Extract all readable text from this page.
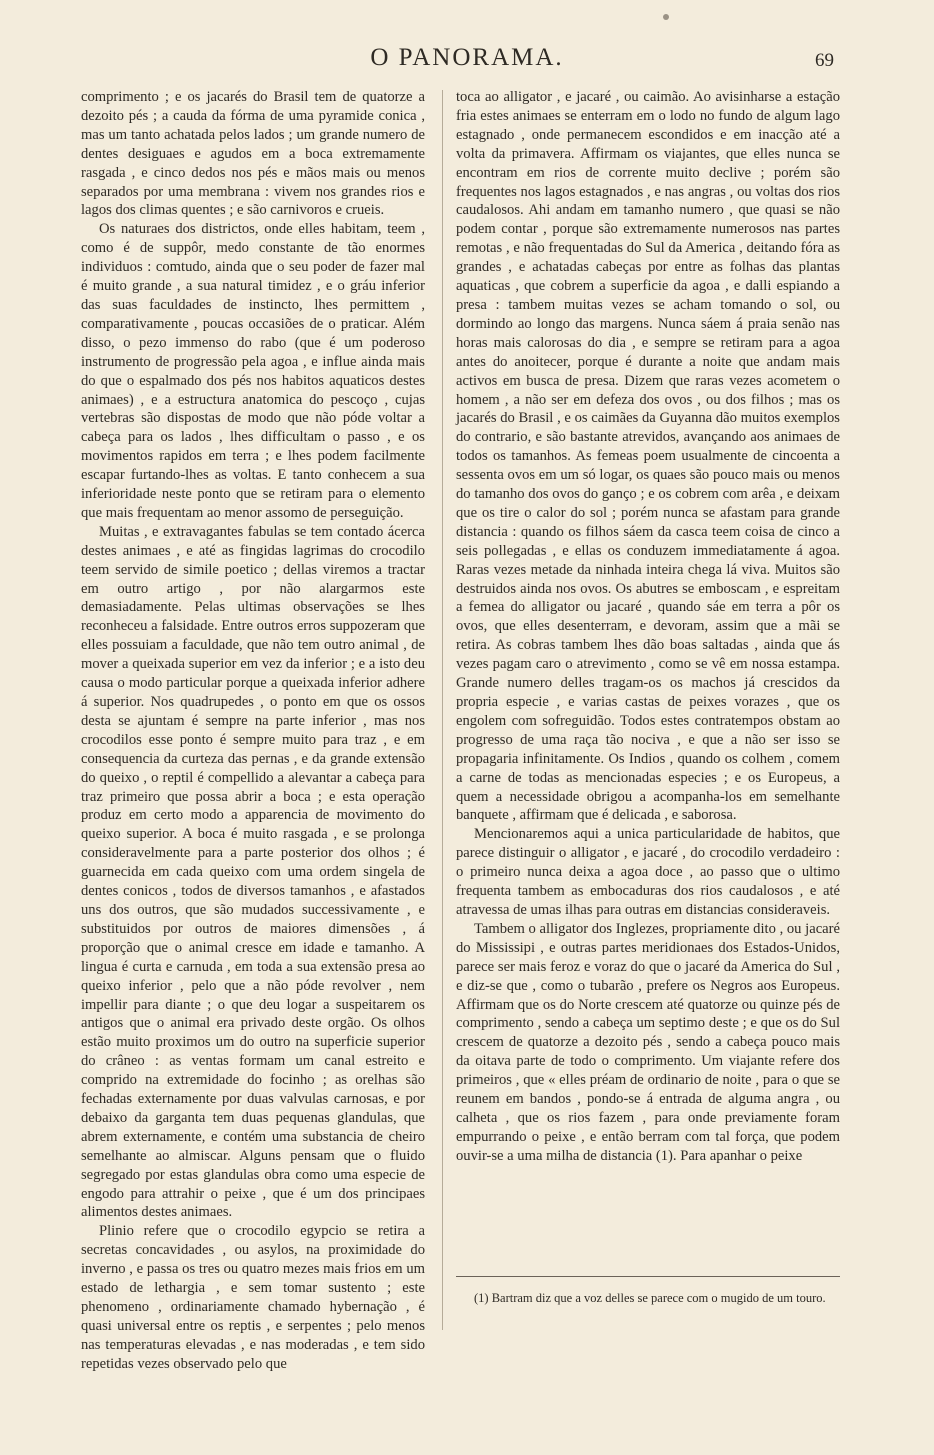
O PANORAMA.	69

comprimento ; e os jacarés do Brasil tem de quatorze a dezoito pés ; a cauda da fórma de uma pyramide conica , mas um tanto achatada pelos lados ; um grande numero de dentes desiguaes e agudos em a boca extremamente rasgada , e cinco dedos nos pés e mãos mais ou menos separados por uma membrana : vivem nos grandes rios e lagos dos climas quentes ; e são carnivoros e crueis.

Os naturaes dos districtos, onde elles habitam, teem , como é de suppôr, medo constante de tão enormes individuos : comtudo, ainda que o seu poder de fazer mal é muito grande , a sua natural timidez , e o gráu inferior das suas faculdades de instincto, lhes permittem , comparativamente , poucas occasiões de o praticar. Além disso, o pezo immenso do rabo (que é um poderoso instrumento de progressão pela agoa , e influe ainda mais do que o espalmado dos pés nos habitos aquaticos destes animaes) , e a estructura anatomica do pescoço , cujas vertebras são dispostas de modo que não póde voltar a cabeça para os lados , lhes difficultam o passo , e os movimentos rapidos em terra ; e lhes podem facilmente escapar furtando-lhes as voltas. E tanto conhecem a sua inferioridade neste ponto que se retiram para o elemento que mais frequentam ao menor assomo de perseguição.

Muitas , e extravagantes fabulas se tem contado ácerca destes animaes , e até as fingidas lagrimas do crocodilo teem servido de simile poetico ; dellas viremos a tractar em outro artigo , por não alargarmos este demasiadamente. Pelas ultimas observações se lhes reconheceu a falsidade. Entre outros erros suppozeram que elles possuiam a faculdade, que não tem outro animal , de mover a queixada superior em vez da inferior ; e a isto deu causa o modo particular porque a queixada inferior adhere á superior. Nos quadrupedes , o ponto em que os ossos desta se ajuntam é sempre na parte inferior , mas nos crocodilos esse ponto é sempre muito para traz , e em consequencia da curteza das pernas , e da grande extensão do queixo , o reptil é compellido a alevantar a cabeça para traz primeiro que possa abrir a boca ; e esta operação produz em certo modo a apparencia de movimento do queixo superior. A boca é muito rasgada , e se prolonga consideravelmente para a parte posterior dos olhos ; é guarnecida em cada queixo com uma ordem singela de dentes conicos , todos de diversos tamanhos , e afastados uns dos outros, que são mudados successivamente , e substituidos por outros de maiores dimensões , á proporção que o animal cresce em idade e tamanho. A lingua é curta e carnuda , em toda a sua extensão presa ao queixo inferior , pelo que a não póde revolver , nem impellir para diante ; o que deu logar a suspeitarem os antigos que o animal era privado deste orgão. Os olhos estão muito proximos um do outro na superficie superior do crâneo : as ventas formam um canal estreito e comprido na extremidade do focinho ; as orelhas são fechadas externamente por duas valvulas carnosas, e por debaixo da garganta tem duas pequenas glandulas, que abrem externamente, e contém uma substancia de cheiro semelhante ao almiscar. Alguns pensam que o fluido segregado por estas glandulas obra como uma especie de engodo para attrahir o peixe , que é um dos principaes alimentos destes animaes.

Plinio refere que o crocodilo egypcio se retira a secretas concavidades , ou asylos, na proximidade do inverno , e passa os tres ou quatro mezes mais frios em um estado de lethargia , e sem tomar sustento ; este phenomeno , ordinariamente chamado hybernação , é quasi universal entre os reptis , e serpentes ; pelo menos nas temperaturas elevadas , e nas moderadas , e tem sido repetidas vezes observado pelo que

toca ao alligator , e jacaré , ou caimão. Ao avisinharse a estação fria estes animaes se enterram em o lodo no fundo de algum lago estagnado , onde permanecem escondidos e em inacção até a volta da primavera. Affirmam os viajantes, que elles nunca se encontram em rios de corrente muito declive ; porém são frequentes nos lagos estagnados , e nas angras , ou voltas dos rios caudalosos. Ahi andam em tamanho numero , que quasi se não podem contar , porque são extremamente numerosos nas partes remotas , e não frequentadas do Sul da America , deitando fóra as grandes , e achatadas cabeças por entre as folhas das plantas aquaticas , que cobrem a superficie da agoa , e dalli espiando a presa : tambem muitas vezes se acham tomando o sol, ou dormindo ao longo das margens. Nunca sáem á praia senão nas horas mais calorosas do dia , e sempre se retiram para a agoa antes do anoitecer, porque é durante a noite que andam mais activos em busca de presa. Dizem que raras vezes acometem o homem , a não ser em defeza dos ovos , ou dos filhos ; mas os jacarés do Brasil , e os caimães da Guyanna dão muitos exemplos do contrario, e são bastante atrevidos, avançando aos animaes de todos os tamanhos. As femeas poem usualmente de cincoenta a sessenta ovos em um só logar, os quaes são pouco mais ou menos do tamanho dos ovos do ganço ; e os cobrem com arêa , e deixam que os tire o calor do sol ; porém nunca se afastam para grande distancia : quando os filhos sáem da casca teem coisa de cinco a seis pollegadas , e ellas os conduzem immediatamente á agoa. Raras vezes metade da ninhada inteira chega lá viva. Muitos são destruidos ainda nos ovos. Os abutres se emboscam , e espreitam a femea do alligator ou jacaré , quando sáe em terra a pôr os ovos, que elles desenterram, e devoram, assim que a mãi se retira. As cobras tambem lhes dão boas saltadas , ainda que ás vezes pagam caro o atrevimento , como se vê em nossa estampa. Grande numero delles tragam-os os machos já crescidos da propria especie , e varias castas de peixes vorazes , que os engolem com sofreguidão. Todos estes contratempos obstam ao progresso de uma raça tão nociva , e que a não ser isso se propagaria infinitamente. Os Indios , quando os colhem , comem a carne de todas as mencionadas especies ; e os Europeus, a quem a necessidade obrigou a acompanha-los em semelhante banquete , affirmam que é delicada , e saborosa.

Mencionaremos aqui a unica particularidade de habitos, que parece distinguir o alligator , e jacaré , do crocodilo verdadeiro : o primeiro nunca deixa a agoa doce , ao passo que o ultimo frequenta tambem as embocaduras dos rios caudalosos , e até atravessa de umas ilhas para outras em distancias consideraveis.

Tambem o alligator dos Inglezes, propriamente dito , ou jacaré do Mississipi , e outras partes meridionaes dos Estados-Unidos, parece ser mais feroz e voraz do que o jacaré da America do Sul , e diz-se que , como o tubarão , prefere os Negros aos Europeus. Affirmam que os do Norte crescem até quatorze ou quinze pés de comprimento , sendo a cabeça um septimo deste ; e que os do Sul crescem de quatorze a dezoito pés , sendo a cabeça pouco mais da oitava parte de todo o comprimento. Um viajante refere dos primeiros , que « elles préam de ordinario de noite , para o que se reunem em bandos , pondo-se á entrada de alguma angra , ou calheta , que os rios fazem , para onde previamente foram empurrando o peixe , e então berram com tal força, que podem ouvir-se a uma milha de distancia (1). Para apanhar o peixe

(1) Bartram diz que a voz delles se parece com o mugido de um touro.
